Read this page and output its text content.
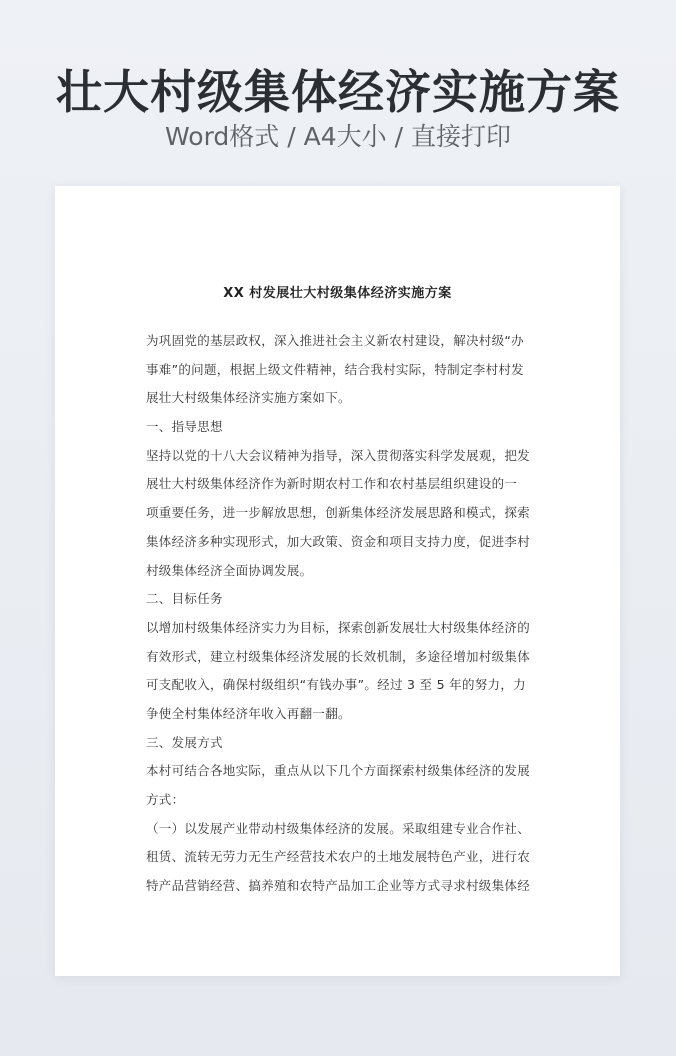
壮大村级集体经济实施方案
Word格式 / A4大小 / 直接打印
XX 村发展壮大村级集体经济实施方案
为巩固党的基层政权，深入推进社会主义新农村建设，解决村级“办
事难”的问题，根据上级文件精神，结合我村实际，特制定李村村发
展壮大村级集体经济实施方案如下。
一、指导思想
坚持以党的十八大会议精神为指导，深入贯彻落实科学发展观，把发
展壮大村级集体经济作为新时期农村工作和农村基层组织建设的一
项重要任务，进一步解放思想，创新集体经济发展思路和模式，探索
集体经济多种实现形式，加大政策、资金和项目支持力度，促进李村
村级集体经济全面协调发展。
二、目标任务
以增加村级集体经济实力为目标，探索创新发展壮大村级集体经济的
有效形式，建立村级集体经济发展的长效机制，多途径增加村级集体
可支配收入，确保村级组织“有钱办事”。经过 3 至 5 年的努力，力
争使全村集体经济年收入再翻一翻。
三、发展方式
本村可结合各地实际，重点从以下几个方面探索村级集体经济的发展
方式：
（一）以发展产业带动村级集体经济的发展。采取组建专业合作社、
租赁、流转无劳力无生产经营技术农户的土地发展特色产业，进行农
特产品营销经营、搞养殖和农特产品加工企业等方式寻求村级集体经
